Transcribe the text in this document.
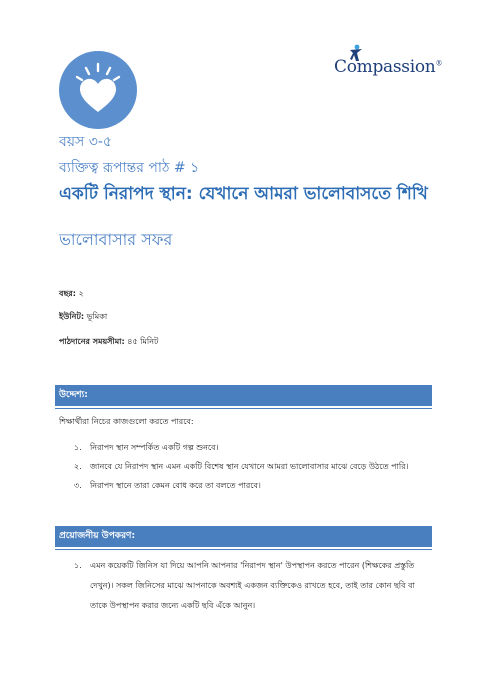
Compassion®
বয়স ৩-৫
ব্যক্তিত্ব রূপান্তর পাঠ # ১
একটি নিরাপদ স্থান: যেখানে আমরা ভালোবাসতে শিখি
ভালোবাসার সফর
বছর: ২
ইউনিট: ভূমিকা
পাঠদানের সময়সীমা: ৪৫ মিনিট
উদ্দেশ্য:
শিক্ষার্থীরা নিচের কাজগুলো করতে পারবে:
১. নিরাপদ স্থান সম্পর্কিত একটি গল্প শুনবে।
২. জানবে যে নিরাপদ স্থান এমন একটি বিশেষ স্থান যেখানে আমরা ভালোবাসার মাঝে বেড়ে উঠতে পারি।
৩. নিরাপদ স্থানে তারা কেমন বোধ করে তা বলতে পারবে।
প্রয়োজনীয় উপকরণ:
১.	এমন কয়েকটি জিনিস যা দিয়ে আপনি আপনার 'নিরাপদ স্থান' উপস্থাপন করতে পারেন (শিক্ষকের প্রস্তুতি দেখুন)। সকল জিনিসের মাঝে আপনাকে অবশ্যই একজন ব্যক্তিকেও রাখতে হবে, তাই তার কোন ছবি বা তাকে উপস্থাপন করার জন্যে একটি ছবি এঁকে আনুন।
